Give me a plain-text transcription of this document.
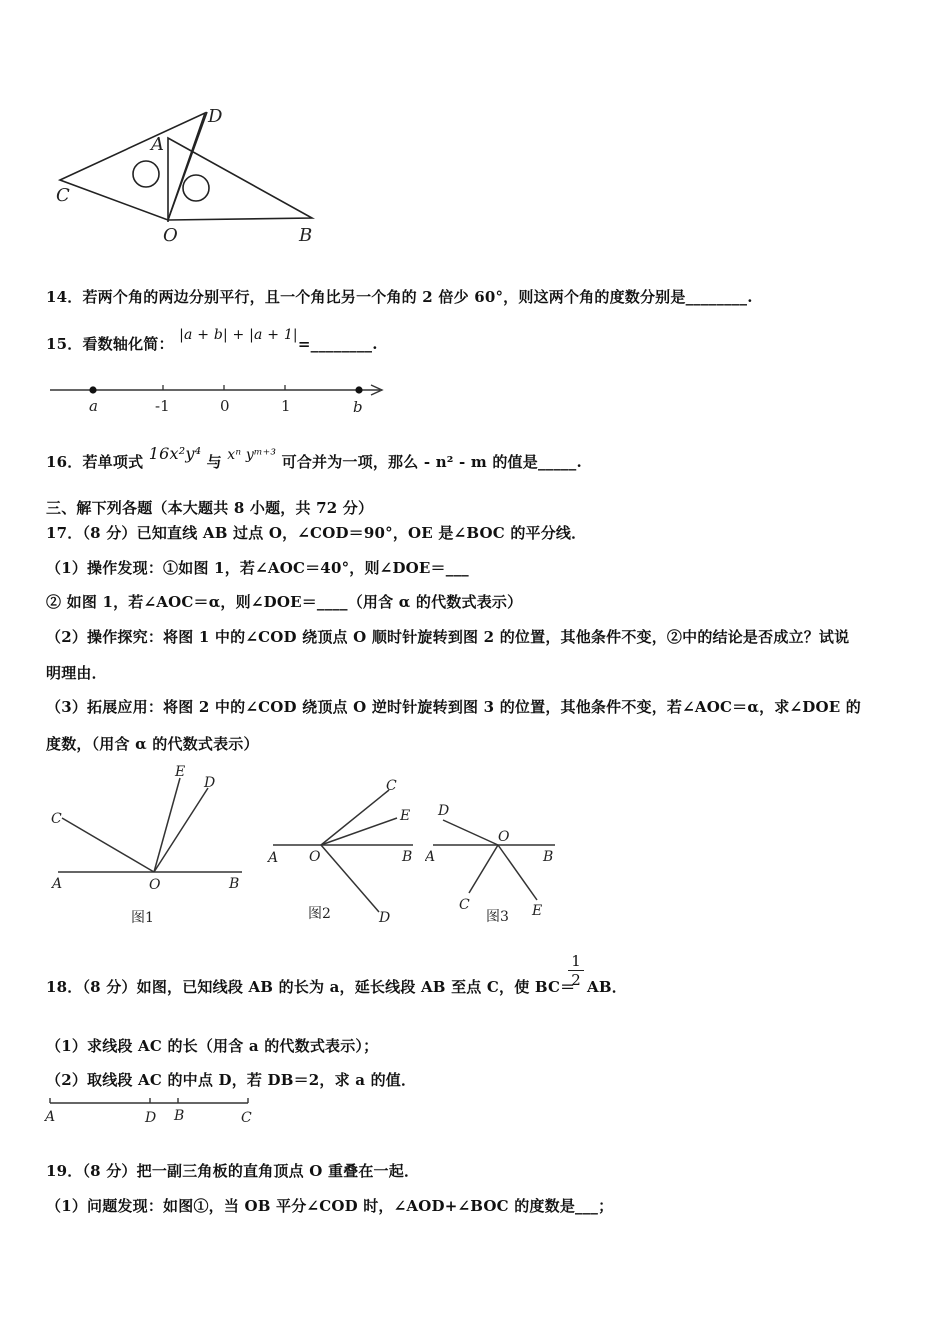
D
A
C
O	B
14．若两个角的两边分别平行，且一个角比另一个角的 2 倍少 60°，则这两个角的度数分别是________.
15．看数轴化简： |a + b| + |a + 1|=________.
a	-1	0	1	b
16．若单项式 16x²y⁴ 与 xⁿ yᵐ⁺³ 可合并为一项，那么 - n² - m 的值是_____.
三、解下列各题（本大题共 8 小题，共 72 分）
17．（8 分）已知直线 AB 过点 O，∠COD＝90°，OE 是∠BOC 的平分线．
（1）操作发现：①如图 1，若∠AOC＝40°，则∠DOE＝___
② 如图 1，若∠AOC＝α，则∠DOE＝____（用含 α 的代数式表示）
（2）操作探究：将图 1 中的∠COD 绕顶点 O 顺时针旋转到图 2 的位置，其他条件不变，②中的结论是否成立？试说
明理由．
（3）拓展应用：将图 2 中的∠COD 绕顶点 O 逆时针旋转到图 3 的位置，其他条件不变，若∠AOC＝α，求∠DOE 的
度数，（用含 α 的代数式表示）
E
D
C
A	O	B
图1
C
E
A O	B
D
图2
D
O
A	B
C	E
图3
18．（8 分）如图，已知线段 AB 的长为 a，延长线段 AB 至点 C，使 BC＝
$\frac{1}{2}$ AB．
（1）求线段 AC 的长（用含 a 的代数式表示）；
（2）取线段 AC 的中点 D，若 DB＝2，求 a 的值．
A	D B	C
19．（8 分）把一副三角板的直角顶点 O 重叠在一起．
（1）问题发现：如图①，当 OB 平分∠COD 时，∠AOD+∠BOC 的度数是___；
